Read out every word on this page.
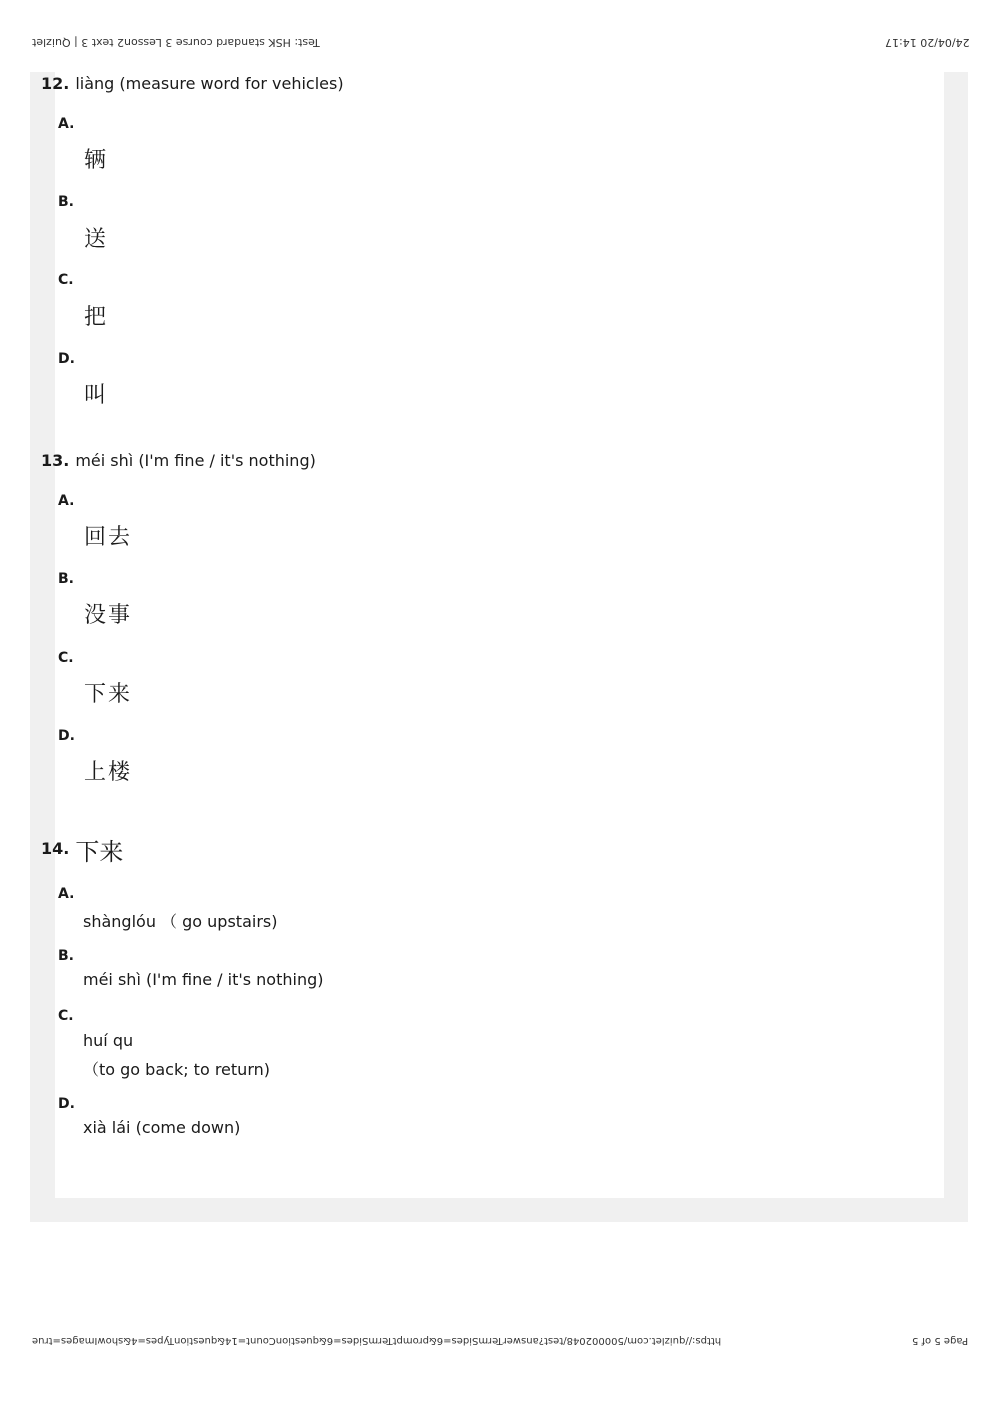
Test: HSK standard course 3 Lesson2 text 3 | Quizlet	24/04/20 14:17
12. liàng (measure word for vehicles)
A.
辆
B.
送
C.
把
D.
叫
13. méi shì (I'm fine / it's nothing)
A.
回去
B.
没事
C.
下来
D.
上楼
14. 下来
A.
shànglóu （ go upstairs)
B.
méi shì (I'm fine / it's nothing)
C.
huí qu
（to go back; to return)
D.
xià lái (come down)
https://quizlet.com/500002048/test?answerTermSides=6&promptTermSides=6&questionCount=14&questionTypes=4&showImages=true	Page 5 of 5
